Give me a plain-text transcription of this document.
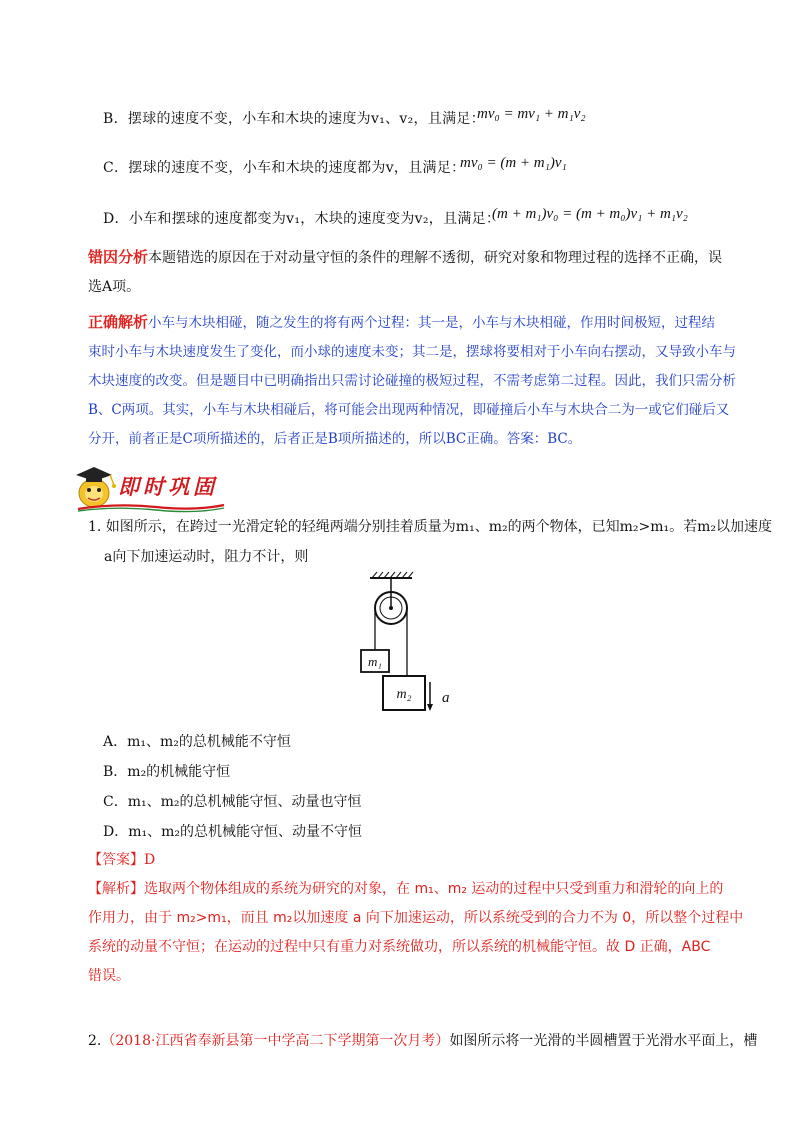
B．摆球的速度不变，小车和木块的速度为v₁、v₂，且满足：
mv₀ = mv₁ + m₁v₂
C．摆球的速度不变，小车和木块的速度都为v，且满足：
mv₀ = (m + m₁)v₁
D．小车和摆球的速度都变为v₁，木块的速度变为v₂，且满足：
(m + m₁)v₀ = (m + m₀)v₁ + m₁v₂
错因分析本题错选的原因在于对动量守恒的条件的理解不透彻，研究对象和物理过程的选择不正确，误
选A项。
正确解析小车与木块相碰，随之发生的将有两个过程：其一是，小车与木块相碰，作用时间极短，过程结
束时小车与木块速度发生了变化，而小球的速度未变；其二是，摆球将要相对于小车向右摆动，又导致小车与
木块速度的改变。但是题目中已明确指出只需讨论碰撞的极短过程，不需考虑第二过程。因此，我们只需分析
B、C两项。其实，小车与木块相碰后，将可能会出现两种情况，即碰撞后小车与木块合二为一或它们碰后又
分开，前者正是C项所描述的，后者正是B项所描述的，所以BC正确。答案：BC。
即时巩固
1. 如图所示，在跨过一光滑定轮的轻绳两端分别挂着质量为m₁、m₂的两个物体，已知m₂>m₁。若m₂以加速度
a向下加速运动时，阻力不计，则
m₁
m₂ a
A．m₁、m₂的总机械能不守恒
B．m₂的机械能守恒
C．m₁、m₂的总机械能守恒、动量也守恒
D．m₁、m₂的总机械能守恒、动量不守恒
【答案】D
【解析】选取两个物体组成的系统为研究的对象，在 m₁、m₂ 运动的过程中只受到重力和滑轮的向上的
作用力，由于 m₂>m₁，而且 m₂以加速度 a 向下加速运动，所以系统受到的合力不为 0，所以整个过程中
系统的动量不守恒；在运动的过程中只有重力对系统做功，所以系统的机械能守恒。故 D 正确，ABC
错误。
2.（2018·江西省奉新县第一中学高二下学期第一次月考）如图所示将一光滑的半圆槽置于光滑水平面上，槽
